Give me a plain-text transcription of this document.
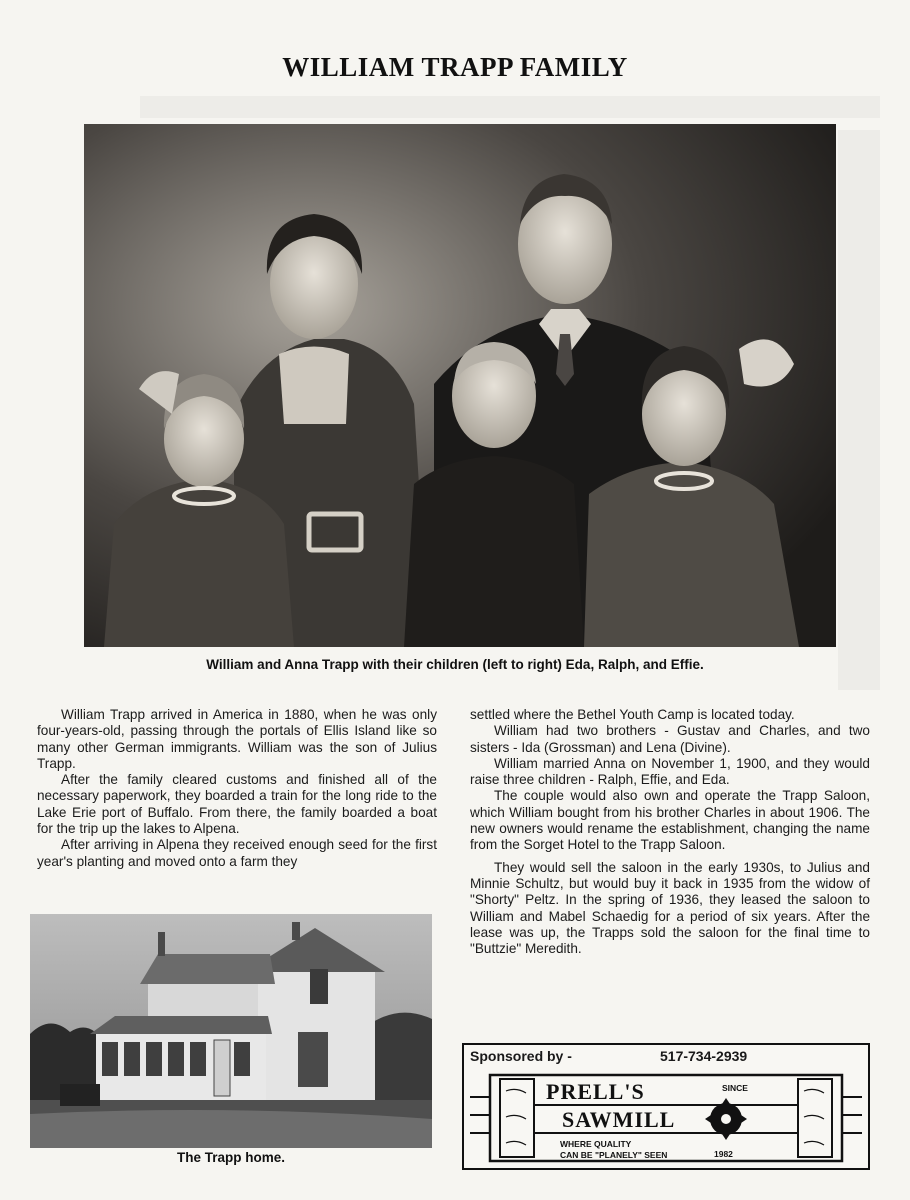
WILLIAM TRAPP FAMILY
William and Anna Trapp with their children (left to right) Eda, Ralph, and Effie.

William Trapp arrived in America in 1880, when he was only four-years-old, passing through the portals of Ellis Island like so many other German immigrants. William was the son of Julius Trapp.

After the family cleared customs and finished all of the necessary paperwork, they boarded a train for the long ride to the Lake Erie port of Buffalo. From there, the family boarded a boat for the trip up the lakes to Alpena.

After arriving in Alpena they received enough seed for the first year's planting and moved onto a farm they

settled where the Bethel Youth Camp is located today.

William had two brothers - Gustav and Charles, and two sisters - Ida (Grossman) and Lena (Divine).

William married Anna on November 1, 1900, and they would raise three children - Ralph, Effie, and Eda.

The couple would also own and operate the Trapp Saloon, which William bought from his brother Charles in about 1906. The new owners would rename the establishment, changing the name from the Sorget Hotel to the Trapp Saloon.

They would sell the saloon in the early 1930s, to Julius and Minnie Schultz, but would buy it back in 1935 from the widow of "Shorty" Peltz. In the spring of 1936, they leased the saloon to William and Mabel Schaedig for a period of six years. After the lease was up, the Trapps sold the saloon for the final time to "Buttzie" Meredith.

The Trapp home.
Sponsored by -	517-734-2939
PRELL'S	SINCE
SAWMILL
WHERE QUALITY
CAN BE "PLANELY" SEEN	1982
